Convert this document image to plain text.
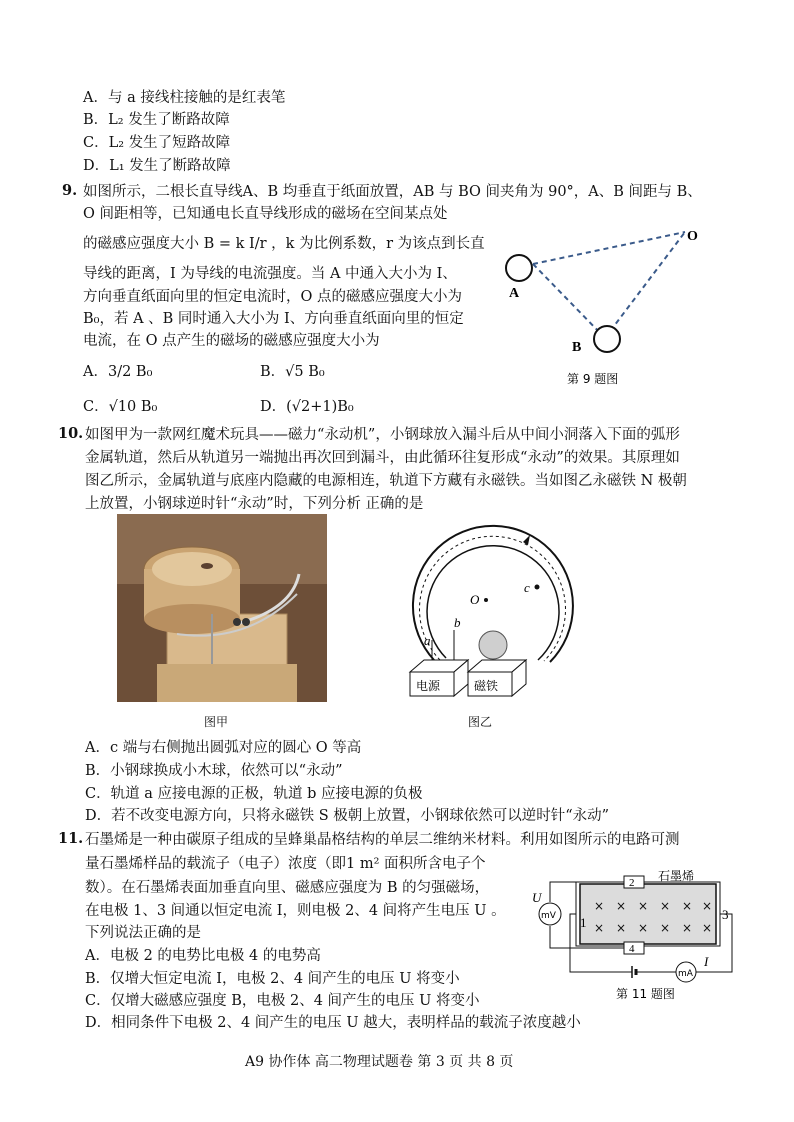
A．与 a 接线柱接触的是红表笔
B．L₂ 发生了断路故障
C．L₂ 发生了短路故障
D．L₁ 发生了断路故障
9. 如图所示，二根长直导线A、B 均垂直于纸面放置，AB 与 BO 间夹角为 90°，A、B 间距与 B、
O 间距相等，已知通电长直导线形成的磁场在空间某点处
的磁感应强度大小 B = k I/r ，k 为比例系数，r 为该点到长直
导线的距离，I 为导线的电流强度。当 A 中通入大小为 I、
方向垂直纸面向里的恒定电流时，O 点的磁感应强度大小为
B₀，若 A 、B 同时通入大小为 I、方向垂直纸面向里的恒定
电流，在 O 点产生的磁场的磁感应强度大小为
A．3/2 B₀	B．√5 B₀
C．√10 B₀	D．(√2+1)B₀
A
B
O
第 9 题图
10. 如图甲为一款网红魔术玩具——磁力“永动机”，小钢球放入漏斗后从中间小洞落入下面的弧形
金属轨道，然后从轨道另一端抛出再次回到漏斗，由此循环往复形成“永动”的效果。其原理如
图乙所示，金属轨道与底座内隐藏的电源相连，轨道下方藏有永磁铁。当如图乙永磁铁 N 极朝
上放置，小钢球逆时针“永动”时，下列分析 正确的是
图甲
O
c
b
a
电源	磁铁
图乙
A．c 端与右侧抛出圆弧对应的圆心 O 等高
B．小钢球换成小木球，依然可以“永动”
C．轨道 a 应接电源的正极，轨道 b 应接电源的负极
D．若不改变电源方向，只将永磁铁 S 极朝上放置，小钢球依然可以逆时针“永动”
11. 石墨烯是一种由碳原子组成的呈蜂巢晶格结构的单层二维纳米材料。利用如图所示的电路可测
量石墨烯样品的载流子（电子）浓度（即1 m² 面积所含电子个
数）。在石墨烯表面加垂直向里、磁感应强度为 B 的匀强磁场，
在电极 1、3 间通以恒定电流 I，则电极 2、4 间将产生电压 U 。
下列说法正确的是
A．电极 2 的电势比电极 4 的电势高
B．仅增大恒定电流 I，电极 2、4 间产生的电压 U 将变小
C．仅增大磁感应强度 B，电极 2、4 间产生的电压 U 将变小
D．相同条件下电极 2、4 间产生的电压 U 越大，表明样品的载流子浓度越小
石墨烯
2
4
1
3
× × × × × ×
× × × × × ×
mV
U
mA
I
第 11 题图
A9 协作体 高二物理试题卷 第 3 页 共 8 页
